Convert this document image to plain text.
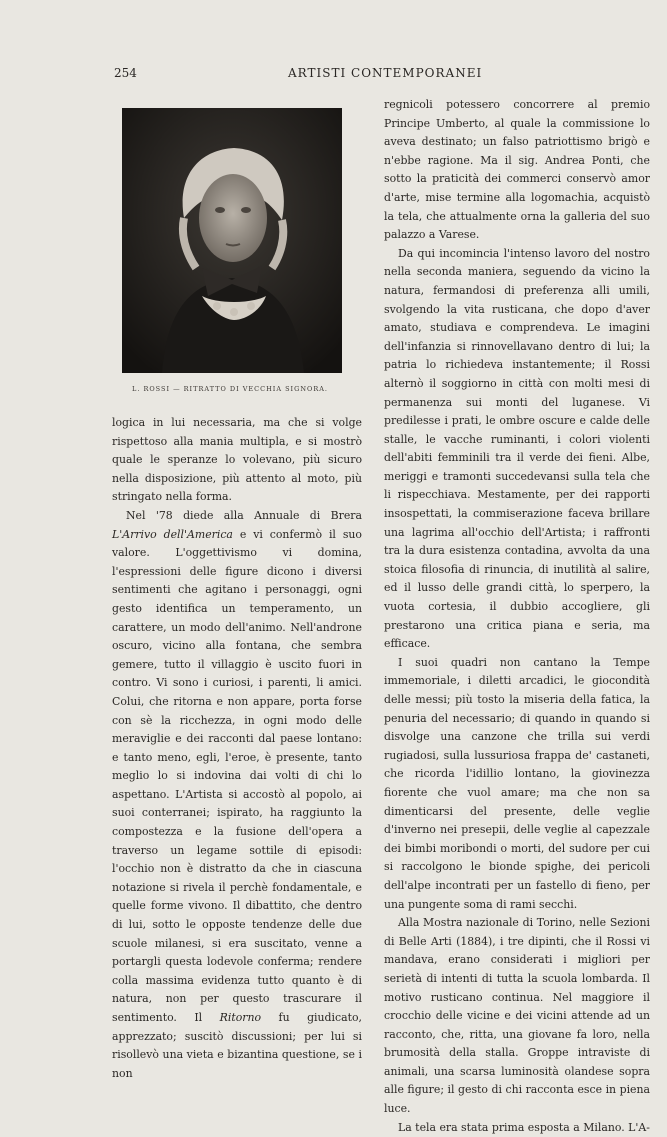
254	ARTISTI CONTEMPORANEI
L. ROSSI — RITRATTO DI VECCHIA SIGNORA.

logica in lui necessaria, ma che si volge rispettoso alla mania multipla, e si mostrò quale le speranze lo volevano, più sicuro nella disposizione, più attento al moto, più stringato nella forma.

Nel '78 diede alla Annuale di Brera L'Arrivo dell'America e vi confermò il suo valore. L'oggettivismo vi domina, l'espressioni delle figure dicono i diversi sentimenti che agitano i personaggi, ogni gesto identifica un temperamento, un carattere, un modo dell'animo. Nell'androne oscuro, vicino alla fontana, che sembra gemere, tutto il villaggio è uscito fuori in contro. Vi sono i curiosi, i parenti, li amici. Colui, che ritorna e non appare, porta forse con sè la ricchezza, in ogni modo delle meraviglie e dei racconti dal paese lontano: e tanto meno, egli, l'eroe, è presente, tanto meglio lo si indovina dai volti di chi lo aspettano. L'Artista si accostò al popolo, ai suoi conterranei; ispirato, ha raggiunto la compostezza e la fusione dell'opera a traverso un legame sottile di episodi: l'occhio non è distratto da che in ciascuna notazione si rivela il perchè fondamentale, e quelle forme vivono. Il dibattito, che dentro di lui, sotto le opposte tendenze delle due scuole milanesi, si era suscitato, venne a portargli questa lodevole conferma; rendere colla massima evidenza tutto quanto è di natura, non per questo trascurare il sentimento. Il Ritorno fu giudicato, apprezzato; suscitò discussioni; per lui si risollevò una vieta e bizantina questione, se i non

regnicoli potessero concorrere al premio Principe Umberto, al quale la commissione lo aveva destinato; un falso patriottismo brigò e n'ebbe ragione. Ma il sig. Andrea Ponti, che sotto la praticità dei commerci conservò amor d'arte, mise termine alla logomachia, acquistò la tela, che attualmente orna la galleria del suo palazzo a Varese.

Da qui incomincia l'intenso lavoro del nostro nella seconda maniera, seguendo da vicino la natura, fermandosi di preferenza alli umili, svolgendo la vita rusticana, che dopo d'aver amato, studiava e comprendeva. Le imagini dell'infanzia si rinnovellavano dentro di lui; la patria lo richiedeva instantemente; il Rossi alternò il soggiorno in città con molti mesi di permanenza sui monti del luganese. Vi predilesse i prati, le ombre oscure e calde delle stalle, le vacche ruminanti, i colori violenti dell'abiti femminili tra il verde dei fieni. Albe, meriggi e tramonti succedevansi sulla tela che li rispecchiava. Mestamente, per dei rapporti insospettati, la commiserazione faceva brillare una lagrima all'occhio dell'Artista; i raffronti tra la dura esistenza contadina, avvolta da una stoica filosofia di rinuncia, di inutilità al salire, ed il lusso delle grandi città, lo sperpero, la vuota cortesia, il dubbio accogliere, gli prestarono una critica piana e seria, ma efficace.

I suoi quadri non cantano la Tempe immemoriale, i diletti arcadici, le giocondità delle messi; più tosto la miseria della fatica, la penuria del necessario; di quando in quando si disvolge una canzone che trilla sui verdi rugiadosi, sulla lussuriosa frappa de' castaneti, che ricorda l'idillio lontano, la giovinezza fiorente che vuol amare; ma che non sa dimenticarsi del presente, delle veglie d'inverno nei presepii, delle veglie al capezzale dei bimbi moribondi o morti, del sudore per cui si raccolgono le bionde spighe, dei pericoli dell'alpe incontrati per un fastello di fieno, per una pungente soma di rami secchi.

Alla Mostra nazionale di Torino, nelle Sezioni di Belle Arti (1884), i tre dipinti, che il Rossi vi mandava, erano considerati i migliori per serietà di intenti di tutta la scuola lombarda. Il motivo rusticano continua. Nel maggiore il crocchio delle vicine e dei vicini attende ad un racconto, che, ritta, una giovane fa loro, nella brumosità della stalla. Groppe intraviste di animali, una scarsa luminosità olandese sopra alle figure; il gesto di chi racconta esce in piena luce.

La tela era stata prima esposta a Milano. L'A-
